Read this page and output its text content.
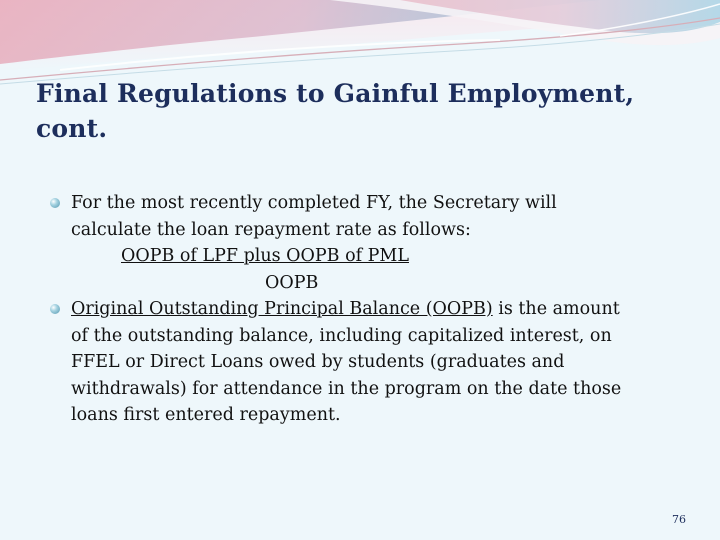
Final Regulations to Gainful Employment,
cont.
For the most recently completed FY, the Secretary will
calculate the loan repayment rate as follows:
OOPB of LPF plus OOPB of PML
OOPB
Original Outstanding Principal Balance (OOPB) is the amount
of the outstanding balance, including capitalized interest, on
FFEL or Direct Loans owed by students (graduates and
withdrawals) for attendance in the program on the date those
loans first entered repayment.
76
